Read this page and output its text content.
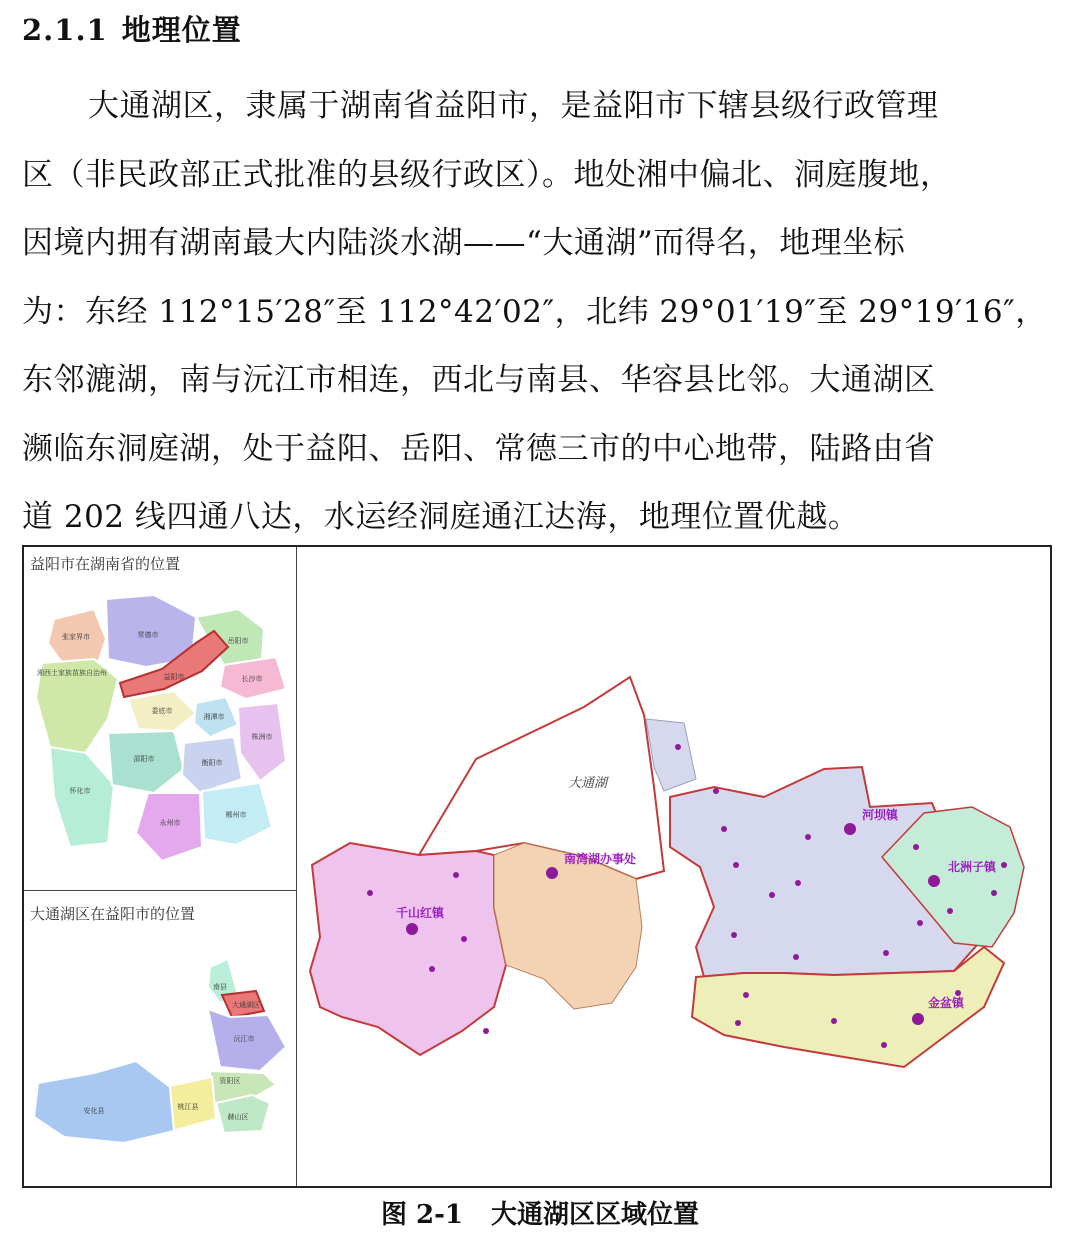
2.1.1 地理位置
大通湖区，隶属于湖南省益阳市，是益阳市下辖县级行政管理
区（非民政部正式批准的县级行政区）。地处湘中偏北、洞庭腹地，
因境内拥有湖南最大内陆淡水湖——“大通湖”而得名，地理坐标
为：东经 112°15′28″至 112°42′02″，北纬 29°01′19″至 29°19′16″，
东邻漉湖，南与沅江市相连，西北与南县、华容县比邻。大通湖区
濒临东洞庭湖，处于益阳、岳阳、常德三市的中心地带，陆路由省
道 202 线四通八达，水运经洞庭通江达海，地理位置优越。
益阳市在湖南省的位置
大通湖区在益阳市的位置
张家界市	常德市
岳阳市
湘西土家族苗族自治州	益阳市	长沙市
娄底市
湘潭市
怀化市
邵阳市	衡阳市
株洲市
永州市
郴州市
南县
大通湖区
沅江市
资阳区
赫山区
桃江县
安化县
大通湖
千山红镇
南湾湖办事处
河坝镇
北洲子镇
金盆镇
图 2-1 大通湖区区域位置
